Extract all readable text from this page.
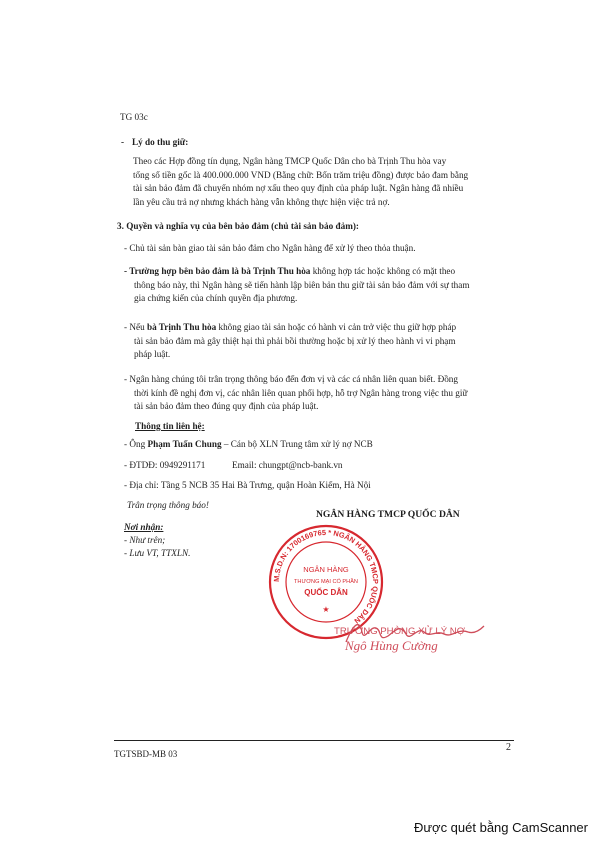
TG 03c
- Lý do thu giữ:
Theo các Hợp đồng tín dụng, Ngân hàng TMCP Quốc Dân cho bà Trịnh Thu hòa vay
tổng số tiền gốc là 400.000.000 VND (Bằng chữ: Bốn trăm triệu đồng) được bảo đam bằng
tài sản bảo đảm đã chuyển nhóm nợ xấu theo quy định của pháp luật. Ngân hàng đã nhiều
lần yêu cầu trả nợ nhưng khách hàng vẫn không thực hiện việc trả nợ.
3. Quyền và nghĩa vụ của bên bảo đảm (chủ tài sản bảo đảm):
- Chủ tài sản bàn giao tài sản bảo đảm cho Ngân hàng để xử lý theo thỏa thuận.
- Trường hợp bên bảo đảm là bà Trịnh Thu hòa không hợp tác hoặc không có mặt theo
thông báo này, thì Ngân hàng sẽ tiến hành lập biên bản thu giữ tài sản bảo đảm với sự tham
gia chứng kiến của chính quyền địa phương.
- Nếu bà Trịnh Thu hòa không giao tài sản hoặc có hành vi cản trở việc thu giữ hợp pháp
tài sản bảo đảm mà gây thiệt hại thì phải bồi thường hoặc bị xử lý theo hành vi vi phạm
pháp luật.
- Ngân hàng chúng tôi trân trọng thông báo đến đơn vị và các cá nhân liên quan biết. Đồng
thời kính đề nghị đơn vị, các nhân liên quan phối hợp, hỗ trợ Ngân hàng trong việc thu giữ
tài sản bảo đảm theo đúng quy định của pháp luật.
Thông tin liên hệ:
- Ông Phạm Tuấn Chung – Cán bộ XLN Trung tâm xử lý nợ NCB
- ĐTDĐ: 0949291171	Email: chungpt@ncb-bank.vn
- Địa chỉ: Tầng 5 NCB 35 Hai Bà Trưng, quận Hoàn Kiếm, Hà Nội
Trân trọng thông báo!
Nơi nhận:
- Như trên;
- Lưu VT, TTXLN.
NGÂN HÀNG TMCP QUỐC DÂN
M.S.D.N: 1700169765 * NGÂN HÀNG TMCP QUỐC DÂN
NGÂN HÀNG
THƯƠNG MẠI CỔ PHẦN
QUỐC DÂN
★
TRƯỞNG PHÒNG XỬ LÝ NỢ
Ngô Hùng Cường
TGTSBD-MB 03
2
Được quét bằng CamScanner
